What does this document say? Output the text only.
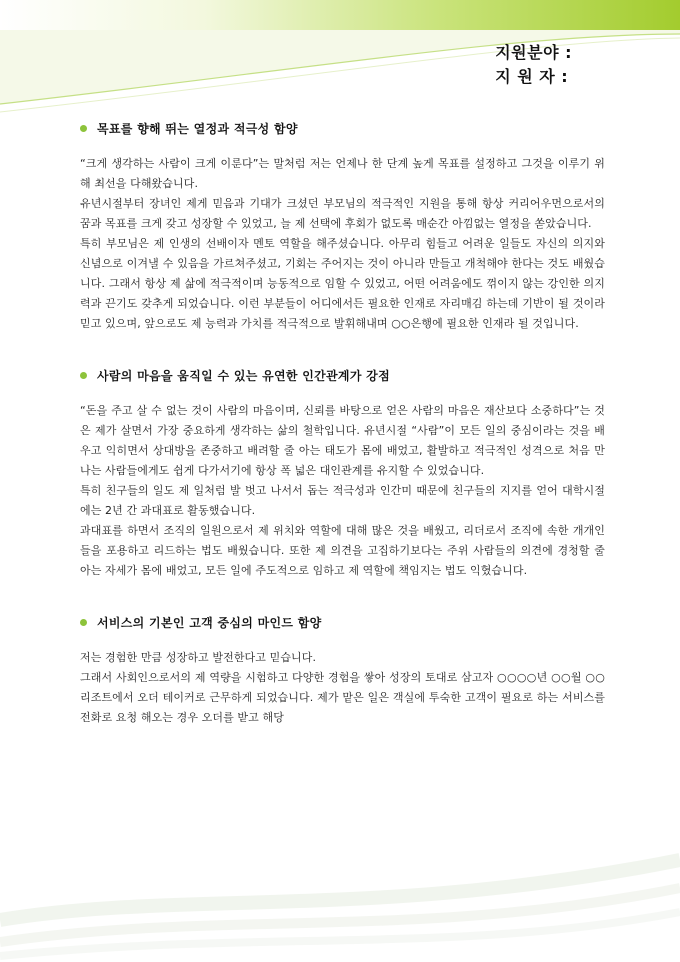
지원분야 :
지 원 자 :
목표를 향해 뛰는 열정과 적극성 함양

“크게 생각하는 사람이 크게 이룬다”는 말처럼 저는 언제나 한 단계 높게 목표를 설정하고 그것을 이루기 위해 최선을 다해왔습니다.

유년시절부터 장녀인 제게 믿음과 기대가 크셨던 부모님의 적극적인 지원을 통해 항상 커리어우먼으로서의 꿈과 목표를 크게 갖고 성장할 수 있었고, 늘 제 선택에 후회가 없도록 매순간 아낌없는 열정을 쏟았습니다.

특히 부모님은 제 인생의 선배이자 멘토 역할을 해주셨습니다. 아무리 힘들고 어려운 일들도 자신의 의지와 신념으로 이겨낼 수 있음을 가르쳐주셨고, 기회는 주어지는 것이 아니라 만들고 개척해야 한다는 것도 배웠습니다. 그래서 항상 제 삶에 적극적이며 능동적으로 임할 수 있었고, 어떤 어려움에도 꺾이지 않는 강인한 의지력과 끈기도 갖추게 되었습니다. 이런 부분들이 어디에서든 필요한 인재로 자리매김 하는데 기반이 될 것이라 믿고 있으며, 앞으로도 제 능력과 가치를 적극적으로 발휘해내며 ○○은행에 필요한 인재라 될 것입니다.

사람의 마음을 움직일 수 있는 유연한 인간관계가 강점

“돈을 주고 살 수 없는 것이 사람의 마음이며, 신뢰를 바탕으로 얻은 사람의 마음은 재산보다 소중하다”는 것은 제가 살면서 가장 중요하게 생각하는 삶의 철학입니다. 유년시절 “사람”이 모든 일의 중심이라는 것을 배우고 익히면서 상대방을 존중하고 배려할 줄 아는 태도가 몸에 배었고, 활발하고 적극적인 성격으로 처음 만나는 사람들에게도 쉽게 다가서기에 항상 폭 넓은 대인관계를 유지할 수 있었습니다.

특히 친구들의 일도 제 일처럼 발 벗고 나서서 돕는 적극성과 인간미 때문에 친구들의 지지를 얻어 대학시절에는 2년 간 과대표로 활동했습니다.

과대표를 하면서 조직의 일원으로서 제 위치와 역할에 대해 많은 것을 배웠고, 리더로서 조직에 속한 개개인들을 포용하고 리드하는 법도 배웠습니다. 또한 제 의견을 고집하기보다는 주위 사람들의 의견에 경청할 줄 아는 자세가 몸에 배었고, 모든 일에 주도적으로 임하고 제 역할에 책임지는 법도 익혔습니다.

서비스의 기본인 고객 중심의 마인드 함양

저는 경험한 만큼 성장하고 발전한다고 믿습니다.

그래서 사회인으로서의 제 역량을 시험하고 다양한 경험을 쌓아 성장의 토대로 삼고자 ○○○○년 ○○월 ○○리조트에서 오더 테이커로 근무하게 되었습니다. 제가 맡은 일은 객실에 투숙한 고객이 필요로 하는 서비스를 전화로 요청 해오는 경우 오더를 받고 해당
